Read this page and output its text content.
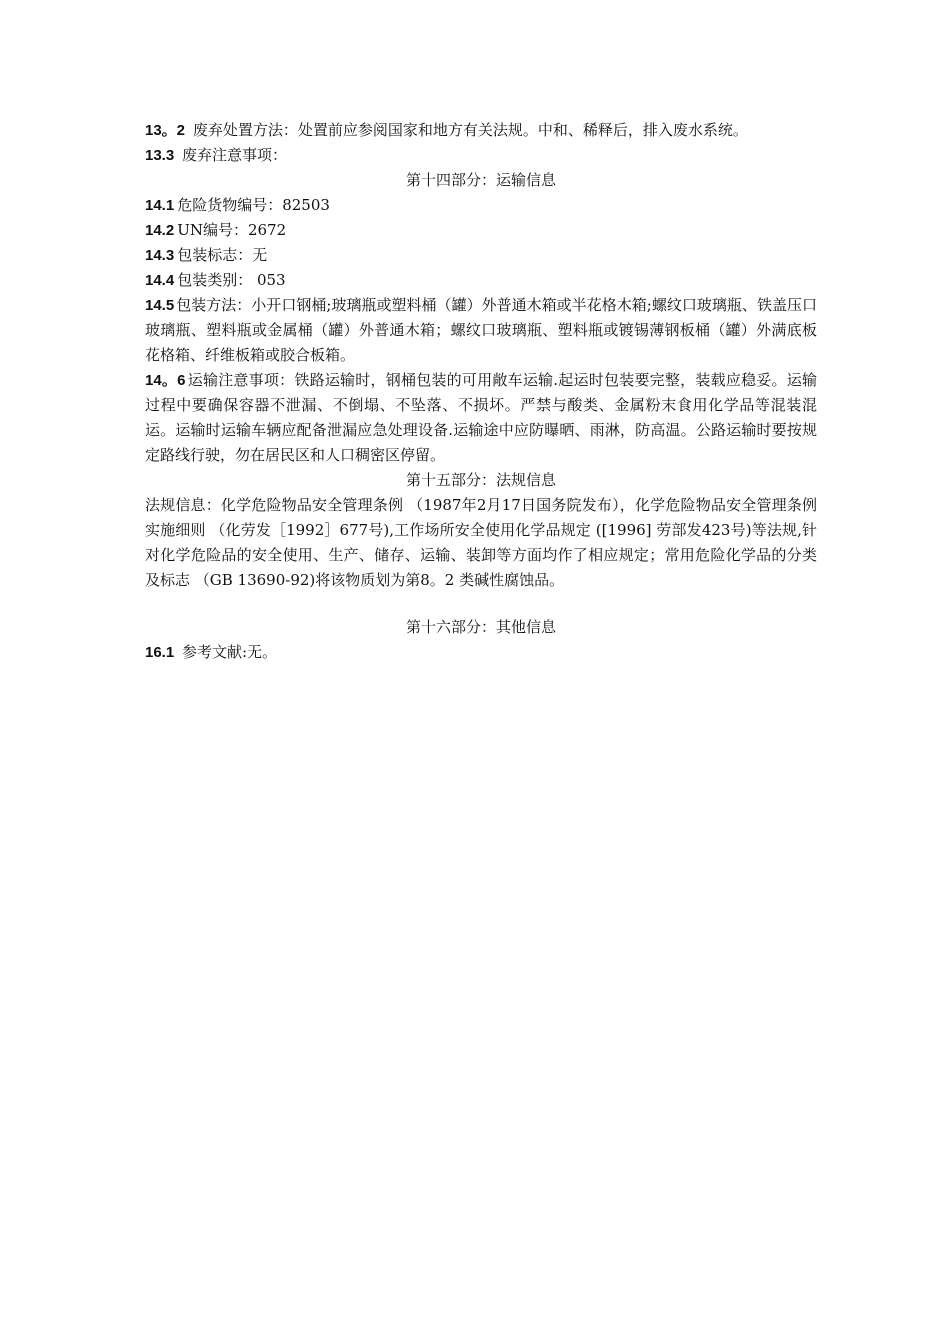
13。2 废弃处置方法：处置前应参阅国家和地方有关法规。中和、稀释后，排入废水系统。
13.3 废弃注意事项：
第十四部分：运输信息
14.1 危险货物编号：82503
14.2 UN编号：2672
14.3 包装标志：无
14.4 包装类别： 053
14.5 包装方法：小开口钢桶;玻璃瓶或塑料桶（罐）外普通木箱或半花格木箱;螺纹口玻璃瓶、铁盖压口玻璃瓶、塑料瓶或金属桶（罐）外普通木箱；螺纹口玻璃瓶、塑料瓶或镀锡薄钢板桶（罐）外满底板花格箱、纤维板箱或胶合板箱。
14。6 运输注意事项：铁路运输时，钢桶包装的可用敞车运输.起运时包装要完整，装载应稳妥。运输过程中要确保容器不泄漏、不倒塌、不坠落、不损坏。严禁与酸类、金属粉末食用化学品等混装混运。运输时运输车辆应配备泄漏应急处理设备.运输途中应防曝晒、雨淋，防高温。公路运输时要按规定路线行驶，勿在居民区和人口稠密区停留。
第十五部分：法规信息
法规信息：化学危险物品安全管理条例 （1987年2月17日国务院发布），化学危险物品安全管理条例实施细则 （化劳发［1992］677号),工作场所安全使用化学品规定 ([1996] 劳部发423号)等法规,针对化学危险品的安全使用、生产、储存、运输、装卸等方面均作了相应规定；常用危险化学品的分类及标志 （GB 13690-92)将该物质划为第8。2 类碱性腐蚀品。
第十六部分：其他信息
16.1 参考文献:无。
